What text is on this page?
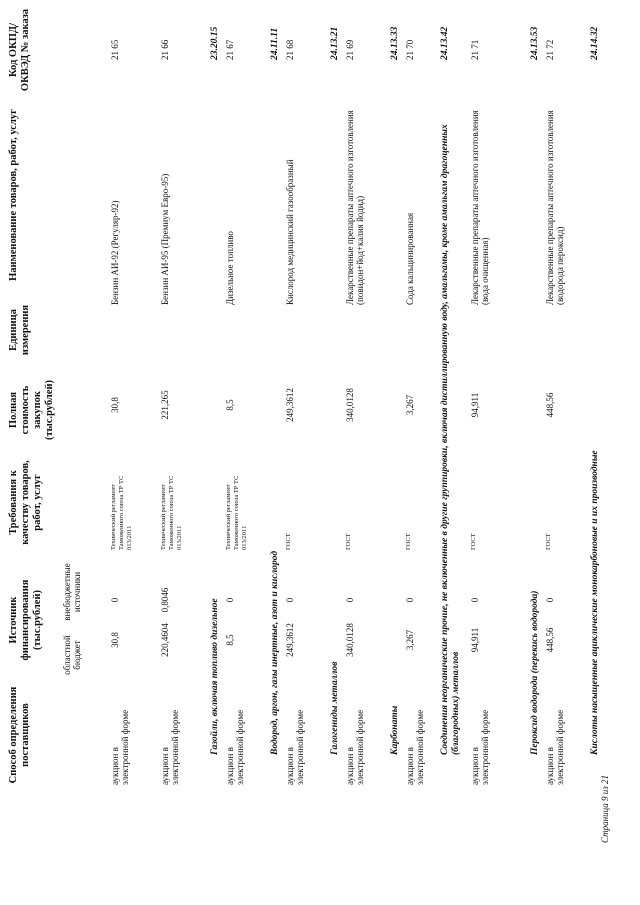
Код ОКПД/ ОКВЭД № заказа
Наименование товаров, работ, услуг
Единица измерения
Полная стоимость закупок (тыс.рублей)
Требования к качеству товаров, работ, услуг
Источник финансирования (тыс.рублей)
областной бюджет
внебюджетные источники
Способ определения поставщиков
21 65
Бензин АИ-92 (Регуляр-92)
30,8
Технический регламент Таможенного союза ТР ТС 013/2011
0
30,8
аукцион в электронной форме
21 66
Бензин АИ-95 (Премиум Евро-95)
221,265
Технический регламент Таможенного союза ТР ТС 013/2011
0,8046
220,4604
аукцион в электронной форме
23.20.15
Газойли, включая топливо дизельное
21 67
Дизельное топливо
8,5
Технический регламент Таможенного союза ТР ТС 013/2011
0
8,5
аукцион в электронной форме
24.11.11
Водород, аргон, газы инертные, азот и кислород
21 68
Кислород медицинский газообразный
249,3612
ГОСТ
0
249,3612
аукцион в электронной форме
24.13.21
Галогениды металлов
21 69
Лекарственные препараты аптечного изготовления (повидон+йод+калия йодид)
340,0128
ГОСТ
0
340,0128
аукцион в электронной форме
24.13.33
Карбонаты
21 70
Сода кальцинированная
3,267
ГОСТ
0
3,267
аукцион в электронной форме
24.13.42
Соединения неорганические прочие, не включенные в другие группировки, включая дистиллированную воду, амальгамы, кроме амальгам драгоценных (благородных) металлов
21 71
Лекарственные препараты аптечного изготовления (вода очищенная)
94,911
ГОСТ
0
94,911
аукцион в электронной форме
24.13.53
Пероксид водорода (перекись водорода)
21 72
Лекарственные препараты аптечного изготовления (водорода пероксид)
448,56
ГОСТ
0
448,56
аукцион в электронной форме
24.14.32
Кислоты насыщенные ациклические монокарбоновые и их производные
Страница 9 из 21
